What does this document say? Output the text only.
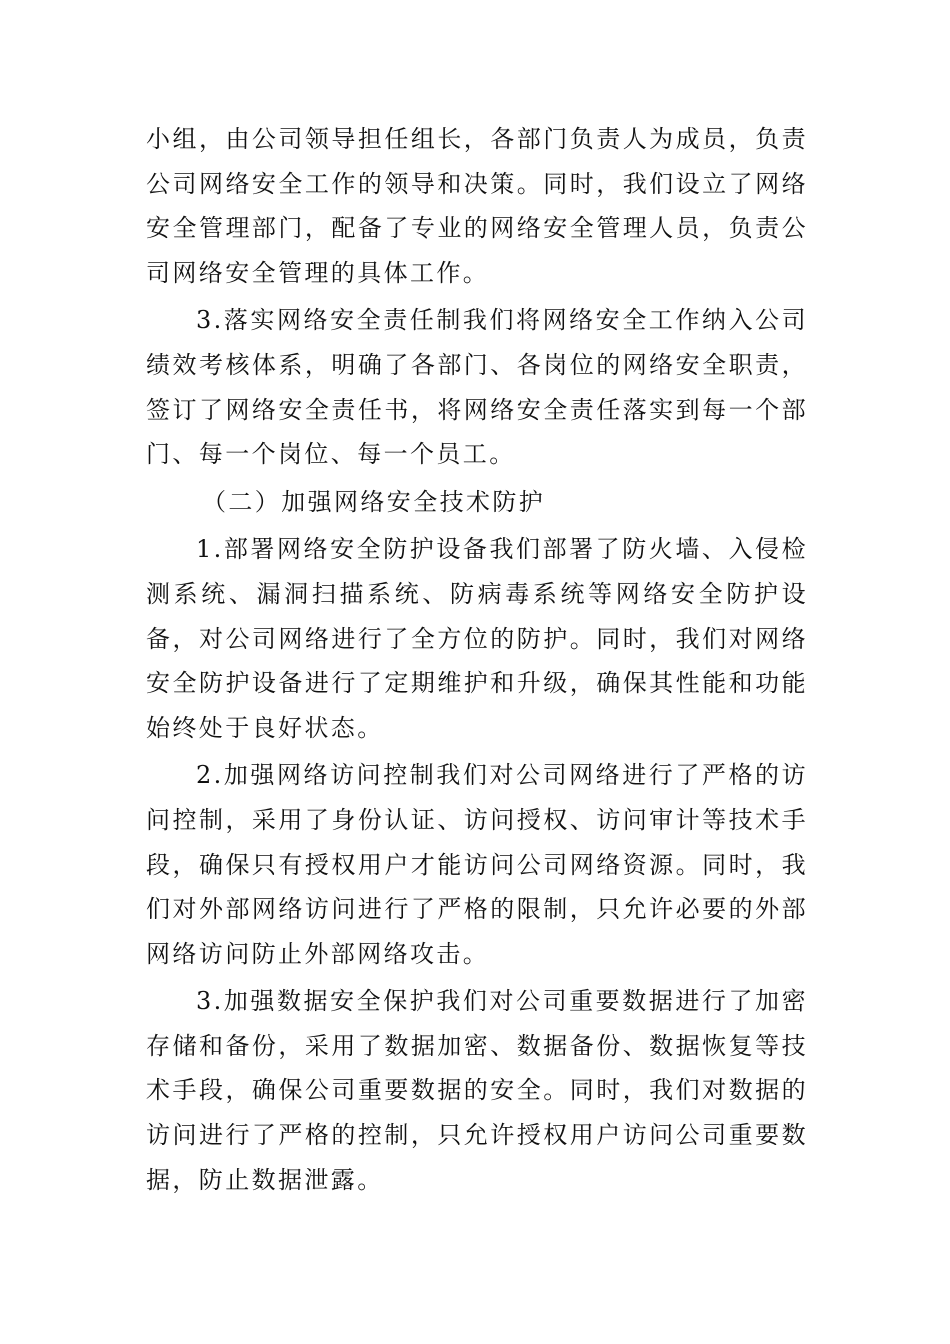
小组，由公司领导担任组长，各部门负责人为成员，负责公司网络安全工作的领导和决策。同时，我们设立了网络安全管理部门，配备了专业的网络安全管理人员，负责公司网络安全管理的具体工作。

3.落实网络安全责任制我们将网络安全工作纳入公司绩效考核体系，明确了各部门、各岗位的网络安全职责，签订了网络安全责任书，将网络安全责任落实到每一个部门、每一个岗位、每一个员工。

（二）加强网络安全技术防护

1.部署网络安全防护设备我们部署了防火墙、入侵检测系统、漏洞扫描系统、防病毒系统等网络安全防护设备，对公司网络进行了全方位的防护。同时，我们对网络安全防护设备进行了定期维护和升级，确保其性能和功能始终处于良好状态。

2.加强网络访问控制我们对公司网络进行了严格的访问控制，采用了身份认证、访问授权、访问审计等技术手段，确保只有授权用户才能访问公司网络资源。同时，我们对外部网络访问进行了严格的限制，只允许必要的外部网络访问防止外部网络攻击。

3.加强数据安全保护我们对公司重要数据进行了加密存储和备份，采用了数据加密、数据备份、数据恢复等技术手段，确保公司重要数据的安全。同时，我们对数据的访问进行了严格的控制，只允许授权用户访问公司重要数据，防止数据泄露。
